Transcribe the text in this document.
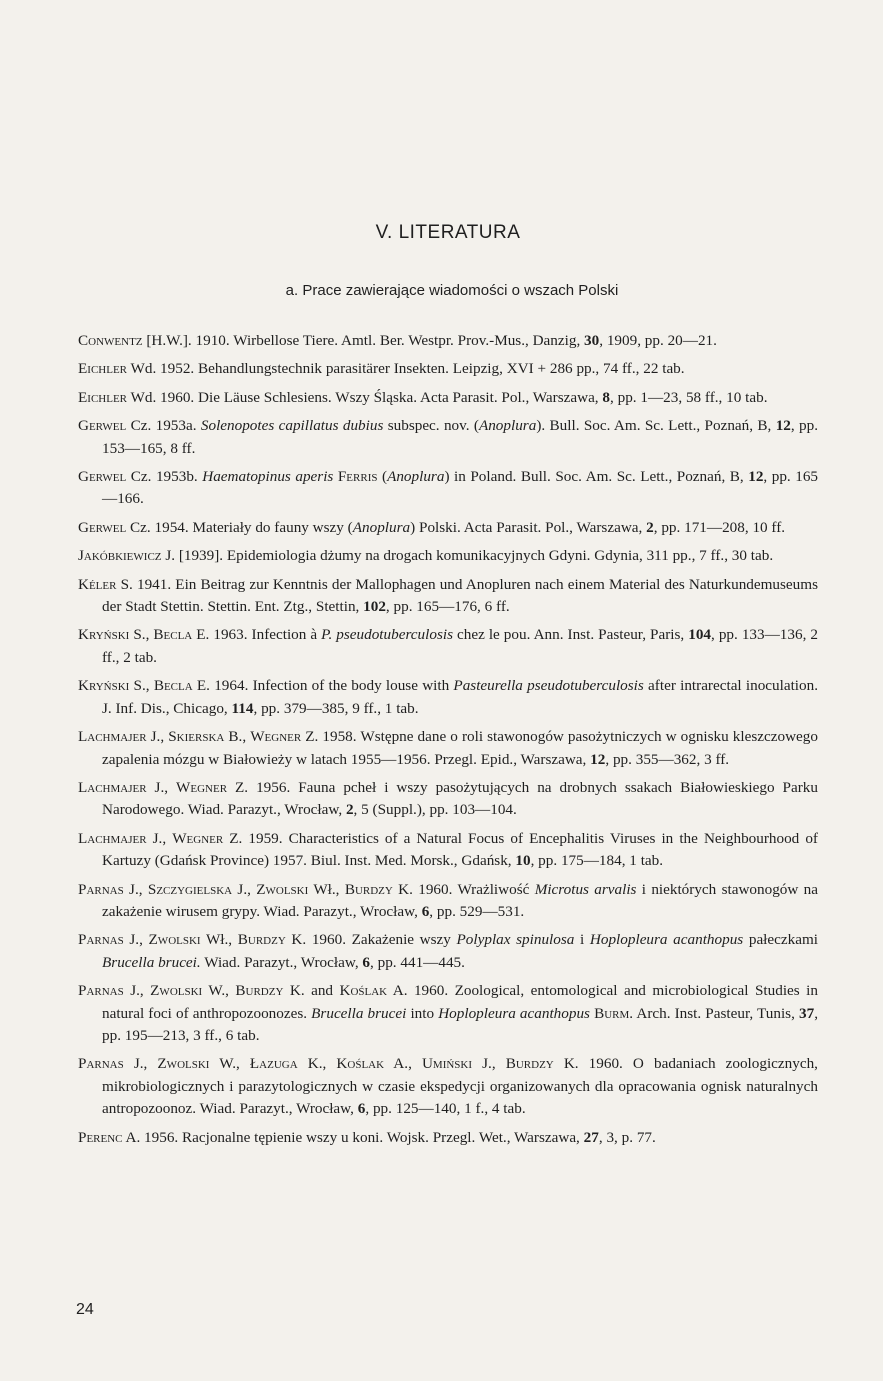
V. LITERATURA
a. Prace zawierające wiadomości o wszach Polski
Conwentz [H.W.]. 1910. Wirbellose Tiere. Amtl. Ber. Westpr. Prov.-Mus., Danzig, 30, 1909, pp. 20—21.
Eichler Wd. 1952. Behandlungstechnik parasitärer Insekten. Leipzig, XVI + 286 pp., 74 ff., 22 tab.
Eichler Wd. 1960. Die Läuse Schlesiens. Wszy Śląska. Acta Parasit. Pol., Warszawa, 8, pp. 1—23, 58 ff., 10 tab.
Gerwel Cz. 1953a. Solenopotes capillatus dubius subspec. nov. (Anoplura). Bull. Soc. Am. Sc. Lett., Poznań, B, 12, pp. 153—165, 8 ff.
Gerwel Cz. 1953b. Haematopinus aperis Ferris (Anoplura) in Poland. Bull. Soc. Am. Sc. Lett., Poznań, B, 12, pp. 165—166.
Gerwel Cz. 1954. Materiały do fauny wszy (Anoplura) Polski. Acta Parasit. Pol., Warszawa, 2, pp. 171—208, 10 ff.
Jakóbkiewicz J. [1939]. Epidemiologia dżumy na drogach komunikacyjnych Gdyni. Gdynia, 311 pp., 7 ff., 30 tab.
Kéler S. 1941. Ein Beitrag zur Kenntnis der Mallophagen und Anopluren nach einem Material des Naturkundemuseums der Stadt Stettin. Stettin. Ent. Ztg., Stettin, 102, pp. 165—176, 6 ff.
Kryński S., Becla E. 1963. Infection à P. pseudotuberculosis chez le pou. Ann. Inst. Pasteur, Paris, 104, pp. 133—136, 2 ff., 2 tab.
Kryński S., Becla E. 1964. Infection of the body louse with Pasteurella pseudotuberculosis after intrarectal inoculation. J. Inf. Dis., Chicago, 114, pp. 379—385, 9 ff., 1 tab.
Lachmajer J., Skierska B., Wegner Z. 1958. Wstępne dane o roli stawonogów pasożytniczych w ognisku kleszczowego zapalenia mózgu w Białowieży w latach 1955—1956. Przegl. Epid., Warszawa, 12, pp. 355—362, 3 ff.
Lachmajer J., Wegner Z. 1956. Fauna pcheł i wszy pasożytujących na drobnych ssakach Białowieskiego Parku Narodowego. Wiad. Parazyt., Wrocław, 2, 5 (Suppl.), pp. 103—104.
Lachmajer J., Wegner Z. 1959. Characteristics of a Natural Focus of Encephalitis Viruses in the Neighbourhood of Kartuzy (Gdańsk Province) 1957. Biul. Inst. Med. Morsk., Gdańsk, 10, pp. 175—184, 1 tab.
Parnas J., Szczygielska J., Zwolski Wł., Burdzy K. 1960. Wrażliwość Microtus arvalis i niektórych stawonogów na zakażenie wirusem grypy. Wiad. Parazyt., Wrocław, 6, pp. 529—531.
Parnas J., Zwolski Wł., Burdzy K. 1960. Zakażenie wszy Polyplax spinulosa i Hoplopleura acanthopus pałeczkami Brucella brucei. Wiad. Parazyt., Wrocław, 6, pp. 441—445.
Parnas J., Zwolski W., Burdzy K. and Koślak A. 1960. Zoological, entomological and microbiological Studies in natural foci of anthropozoonozes. Brucella brucei into Hoplopleura acanthopus Burm. Arch. Inst. Pasteur, Tunis, 37, pp. 195—213, 3 ff., 6 tab.
Parnas J., Zwolski W., Łazuga K., Koślak A., Umiński J., Burdzy K. 1960. O badaniach zoologicznych, mikrobiologicznych i parazytologicznych w czasie ekspedycji organizowanych dla opracowania ognisk naturalnych antropozoonoz. Wiad. Parazyt., Wrocław, 6, pp. 125—140, 1 f., 4 tab.
Perenc A. 1956. Racjonalne tępienie wszy u koni. Wojsk. Przegl. Wet., Warszawa, 27, 3, p. 77.
24
